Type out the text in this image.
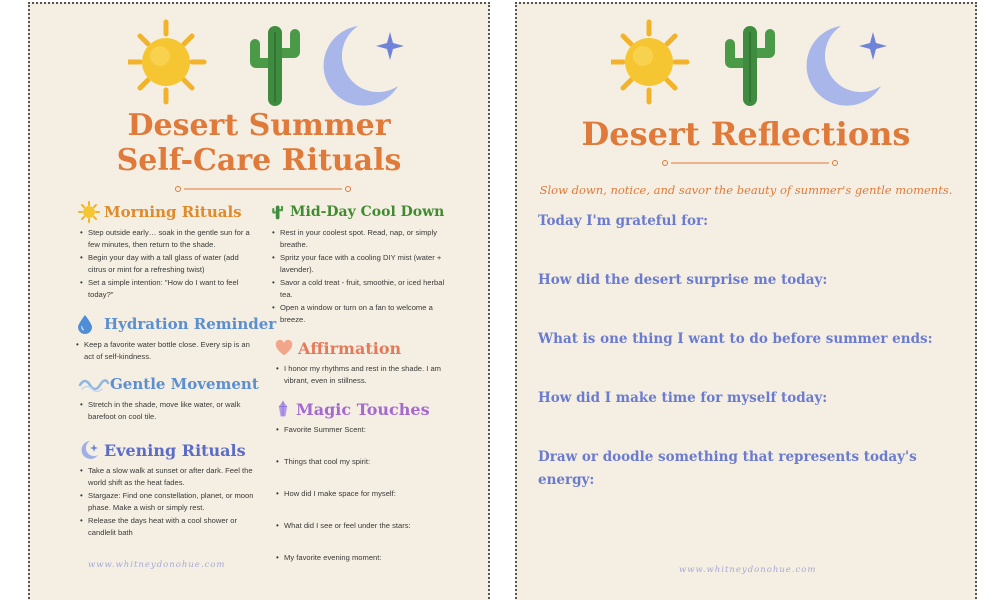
Desert Summer
Self-Care Rituals
Morning Rituals
• Step outside early… soak in the gentle sun for a few minutes, then return to the shade.
• Begin your day with a tall glass of water (add citrus or mint for a refreshing twist)
• Set a simple intention: "How do I want to feel today?"
Hydration Reminder

• Keep a favorite water bottle close. Every sip is an act of self-kindness.

Gentle Movement

• Stretch in the shade, move like water, or walk barefoot on cool tile.

Evening Rituals
• Take a slow walk at sunset or after dark. Feel the world shift as the heat fades.
• Stargaze: Find one constellation, planet, or moon phase. Make a wish or simply rest.
• Release the days heat with a cool shower or candlelit bath
Mid-Day Cool Down
• Rest in your coolest spot. Read, nap, or simply breathe.
• Spritz your face with a cooling DIY mist (water + lavender).
• Savor a cold treat - fruit, smoothie, or iced herbal tea.
• Open a window or turn on a fan to welcome a breeze.
Affirmation

• I honor my rhythms and rest in the shade. I am vibrant, even in stillness.

Magic Touches
• Favorite Summer Scent:
• Things that cool my spirit:
• How did I make space for myself:
• What did I see or feel under the stars:
• My favorite evening moment:
www.whitneydonohue.com
Desert Reflections
Slow down, notice, and savor the beauty of summer's gentle moments.
Today I'm grateful for:
How did the desert surprise me today:
What is one thing I want to do before summer ends:
How did I make time for myself today:
Draw or doodle something that represents today's energy:
www.whitneydonohue.com
